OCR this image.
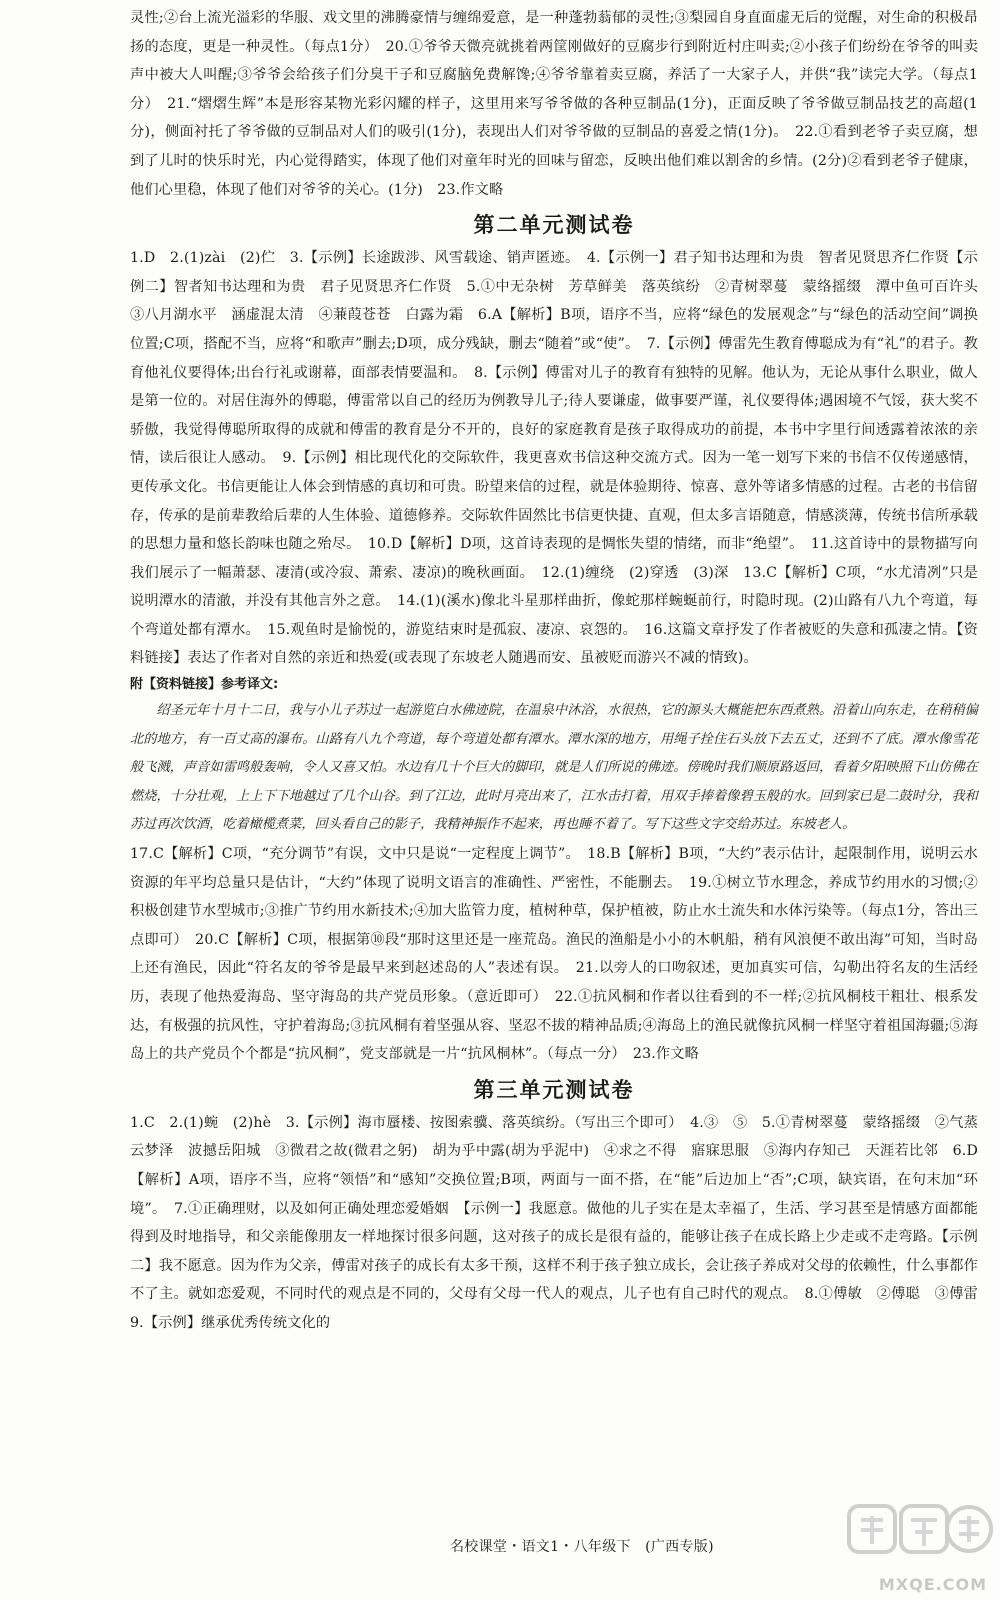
灵性;②台上流光溢彩的华服、戏文里的沸腾豪情与缠绵爱意，是一种蓬勃蓊郁的灵性;③梨园自身直面虚无后的觉醒，对生命的积极昂扬的态度，更是一种灵性。（每点1分）　20.①爷爷天微亮就挑着两筐刚做好的豆腐步行到附近村庄叫卖;②小孩子们纷纷在爷爷的叫卖声中被大人叫醒;③爷爷会给孩子们分臭干子和豆腐脑免费解馋;④爷爷靠着卖豆腐，养活了一大家子人，并供“我”读完大学。（每点1分）　21.“熠熠生辉”本是形容某物光彩闪耀的样子，这里用来写爷爷做的各种豆制品(1分)，正面反映了爷爷做豆制品技艺的高超(1分)，侧面衬托了爷爷做的豆制品对人们的吸引(1分)，表现出人们对爷爷做的豆制品的喜爱之情(1分)。　22.①看到老爷子卖豆腐，想到了儿时的快乐时光，内心觉得踏实，体现了他们对童年时光的回味与留恋，反映出他们难以割舍的乡情。(2分)②看到老爷子健康，他们心里稳，体现了他们对爷爷的关心。(1分)　23.作文略

第二单元测试卷

1.D　2.(1)zài　(2)伫　3.【示例】长途跋涉、风雪载途、销声匿迹。　4.【示例一】君子知书达理和为贵　智者见贤思齐仁作贤【示例二】智者知书达理和为贵　君子见贤思齐仁作贤　5.①中无杂树　芳草鲜美　落英缤纷　②青树翠蔓　蒙络摇缀　潭中鱼可百许头　③八月湖水平　涵虚混太清　④蒹葭苍苍　白露为霜　6.A【解析】B项，语序不当，应将“绿色的发展观念”与“绿色的活动空间”调换位置;C项，搭配不当，应将“和歌声”删去;D项，成分残缺，删去“随着”或“使”。　7.【示例】傅雷先生教育傅聪成为有“礼”的君子。教育他礼仪要得体;出台行礼或谢幕，面部表情要温和。　8.【示例】傅雷对儿子的教育有独特的见解。他认为，无论从事什么职业，做人是第一位的。对居住海外的傅聪，傅雷常以自己的经历为例教导儿子;待人要谦虚，做事要严谨，礼仪要得体;遇困境不气馁，获大奖不骄傲，我觉得傅聪所取得的成就和傅雷的教育是分不开的，良好的家庭教育是孩子取得成功的前提，本书中字里行间透露着浓浓的亲情，读后很让人感动。　9.【示例】相比现代化的交际软件，我更喜欢书信这种交流方式。因为一笔一划写下来的书信不仅传递感情，更传承文化。书信更能让人体会到情感的真切和可贵。盼望来信的过程，就是体验期待、惊喜、意外等诸多情感的过程。古老的书信留存，传承的是前辈教给后辈的人生体验、道德修养。交际软件固然比书信更快捷、直观，但太多言语随意，情感淡薄，传统书信所承载的思想力量和悠长韵味也随之殆尽。　10.D【解析】D项，这首诗表现的是惆怅失望的情绪，而非“绝望”。　11.这首诗中的景物描写向我们展示了一幅萧瑟、凄清(或冷寂、萧索、凄凉)的晚秋画面。　12.(1)缠绕　(2)穿透　(3)深　13.C【解析】C项，“水尤清冽”只是说明潭水的清澈，并没有其他言外之意。　14.(1)(溪水)像北斗星那样曲折，像蛇那样蜿蜒前行，时隐时现。(2)山路有八九个弯道，每个弯道处都有潭水。　15.观鱼时是愉悦的，游览结束时是孤寂、凄凉、哀怨的。　16.这篇文章抒发了作者被贬的失意和孤凄之情。【资料链接】表达了作者对自然的亲近和热爱(或表现了东坡老人随遇而安、虽被贬而游兴不减的情致)。

附【资料链接】参考译文:

绍圣元年十月十二日，我与小儿子苏过一起游览白水佛迹院，在温泉中沐浴，水很热，它的源头大概能把东西煮熟。沿着山向东走，在稍稍偏北的地方，有一百丈高的瀑布。山路有八九个弯道，每个弯道处都有潭水。潭水深的地方，用绳子拴住石头放下去五丈，还到不了底。潭水像雪花般飞溅，声音如雷鸣般轰响，令人又喜又怕。水边有几十个巨大的脚印，就是人们所说的佛迹。傍晚时我们顺原路返回，看着夕阳映照下山仿佛在燃烧，十分壮观，上上下下地越过了几个山谷。到了江边，此时月亮出来了，江水击打着，用双手捧着像碧玉般的水。回到家已是二鼓时分，我和苏过再次饮酒，吃着橄榄煮菜，回头看自己的影子，我精神振作不起来，再也睡不着了。写下这些文字交给苏过。东坡老人。

17.C【解析】C项，“充分调节”有误，文中只是说“一定程度上调节”。　18.B【解析】B项，“大约”表示估计，起限制作用，说明云水资源的年平均总量只是估计，“大约”体现了说明文语言的准确性、严密性，不能删去。　19.①树立节水理念，养成节约用水的习惯;②积极创建节水型城市;③推广节约用水新技术;④加大监管力度，植树种草，保护植被，防止水土流失和水体污染等。（每点1分，答出三点即可）　20.C【解析】C项，根据第⑩段“那时这里还是一座荒岛。渔民的渔船是小小的木帆船，稍有风浪便不敢出海”可知，当时岛上还有渔民，因此“符名友的爷爷是最早来到赵述岛的人”表述有误。　21.以旁人的口吻叙述，更加真实可信，勾勒出符名友的生活经历，表现了他热爱海岛、坚守海岛的共产党员形象。（意近即可）　22.①抗风桐和作者以往看到的不一样;②抗风桐枝干粗壮、根系发达，有极强的抗风性，守护着海岛;③抗风桐有着坚强从容、坚忍不拔的精神品质;④海岛上的渔民就像抗风桐一样坚守着祖国海疆;⑤海岛上的共产党员个个都是“抗风桐”，党支部就是一片“抗风桐林”。（每点一分）　23.作文略

第三单元测试卷

1.C　2.(1)蜿　(2)hè　3.【示例】海市蜃楼、按图索骥、落英缤纷。（写出三个即可）　4.③　⑤　5.①青树翠蔓　蒙络摇缀　②气蒸云梦泽　波撼岳阳城　③微君之故(微君之躬)　胡为乎中露(胡为乎泥中)　④求之不得　寤寐思服　⑤海内存知己　天涯若比邻　6.D【解析】A项，语序不当，应将“领悟”和“感知”交换位置;B项，两面与一面不搭，在“能”后边加上“否”;C项，缺宾语，在句末加“环境”。　7.①正确理财，以及如何正确处理恋爱婚姻　【示例一】我愿意。做他的儿子实在是太幸福了，生活、学习甚至是情感方面都能得到及时地指导，和父亲能像朋友一样地探讨很多问题，这对孩子的成长是很有益的，能够让孩子在成长路上少走或不走弯路。【示例二】我不愿意。因为作为父亲，傅雷对孩子的成长有太多干预，这样不利于孩子独立成长，会让孩子养成对父母的依赖性，什么事都作不了主。就如恋爱观，不同时代的观点是不同的，父母有父母一代人的观点，儿子也有自己时代的观点。　8.①傅敏　②傅聪　③傅雷　9.【示例】继承优秀传统文化的

名校课堂・语文1・八年级下　(广西专版)
MXQE.COM
